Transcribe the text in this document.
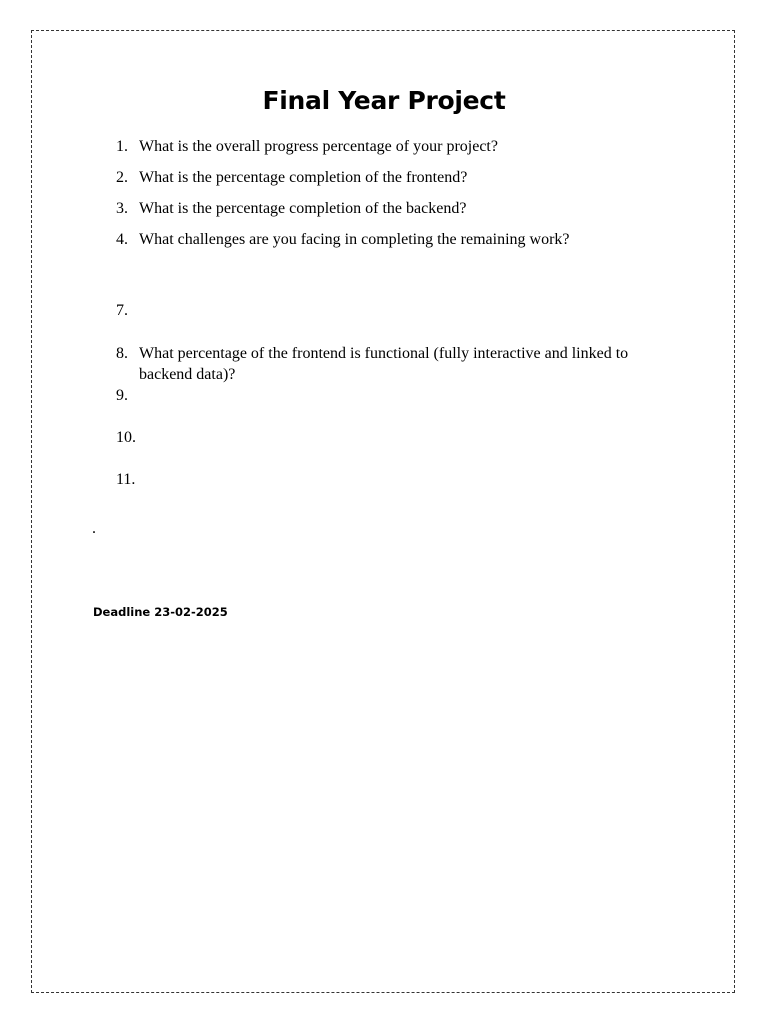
Final Year Project
1. What is the overall progress percentage of your project?
2. What is the percentage completion of the frontend?
3. What is the percentage completion of the backend?
4. What challenges are you facing in completing the remaining work?
7.
8. What percentage of the frontend is functional (fully interactive and linked to backend data)?
9.
10.
11.
.
Deadline 23-02-2025
